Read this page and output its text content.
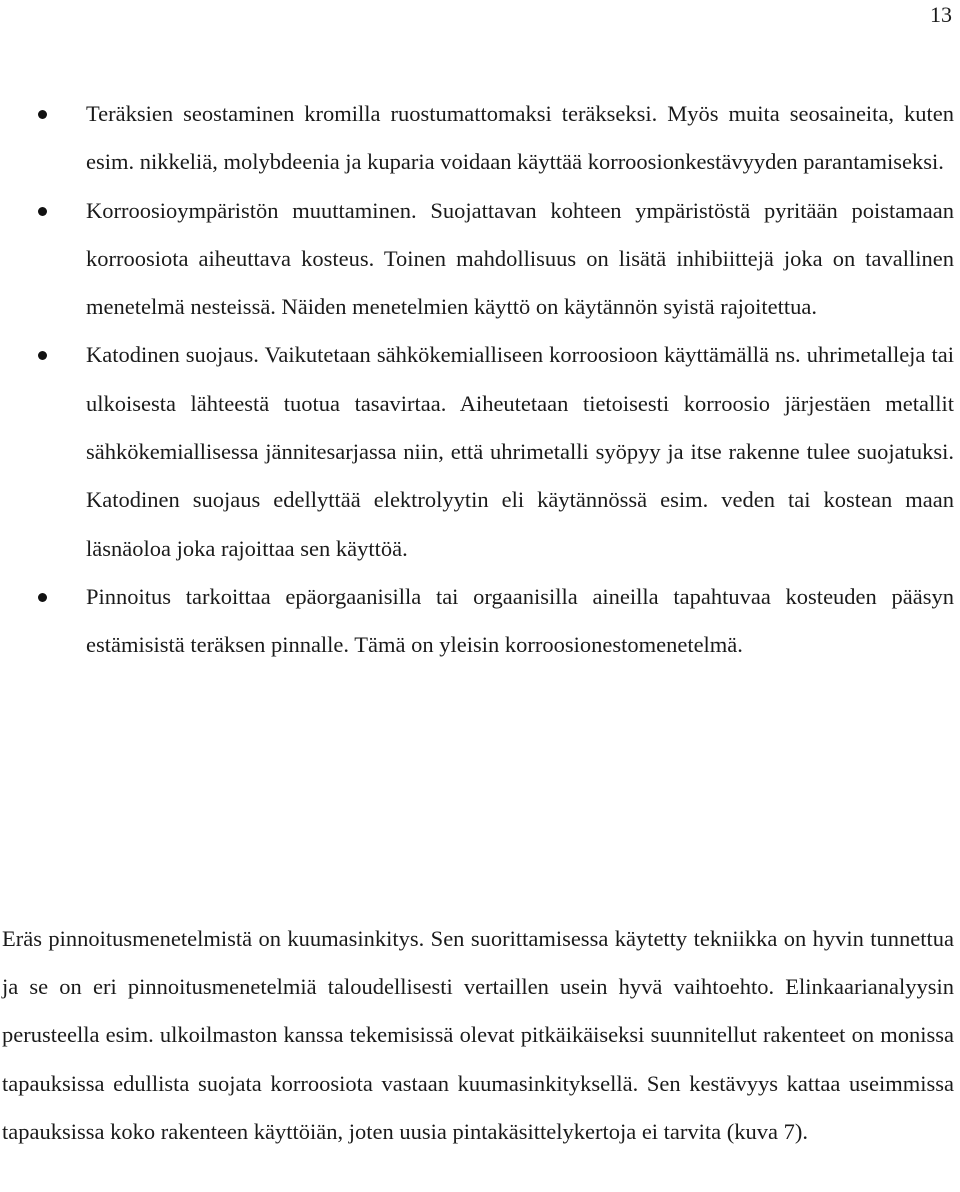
13
Teräksien seostaminen kromilla ruostumattomaksi teräkseksi. Myös muita seosaineita, kuten esim. nikkeliä, molybdeenia ja kuparia voidaan käyttää korroosionkestävyyden parantamiseksi.
Korroosioympäristön muuttaminen. Suojattavan kohteen ympäristöstä pyritään poistamaan korroosiota aiheuttava kosteus. Toinen mahdollisuus on lisätä inhibiittejä joka on tavallinen menetelmä nesteissä. Näiden menetelmien käyttö on käytännön syistä rajoitettua.
Katodinen suojaus. Vaikutetaan sähkökemialliseen korroosioon käyttämällä ns. uhrimetalleja tai ulkoisesta lähteestä tuotua tasavirtaa. Aiheutetaan tietoisesti korroosio järjestäen metallit sähkökemiallisessa jännitesarjassa niin, että uhrimetalli syöpyy ja itse rakenne tulee suojatuksi. Katodinen suojaus edellyttää elektrolyytin eli käytännössä esim. veden tai kostean maan läsnäoloa joka rajoittaa sen käyttöä.
Pinnoitus tarkoittaa epäorgaanisilla tai orgaanisilla aineilla tapahtuvaa kosteuden pääsyn estämisistä teräksen pinnalle. Tämä on yleisin korroosionestomenetelmä.

Eräs pinnoitusmenetelmistä on kuumasinkitys. Sen suorittamisessa käytetty tekniikka on hyvin tunnettua ja se on eri pinnoitusmenetelmiä taloudellisesti vertaillen usein hyvä vaihtoehto. Elinkaarianalyysin perusteella esim. ulkoilmaston kanssa tekemisissä olevat pitkäikäiseksi suunnitellut rakenteet on monissa tapauksissa edullista suojata korroosiota vastaan kuumasinkityksellä. Sen kestävyys kattaa useimmissa tapauksissa koko rakenteen käyttöiän, joten uusia pintakäsittelykertoja ei tarvita (kuva 7).
